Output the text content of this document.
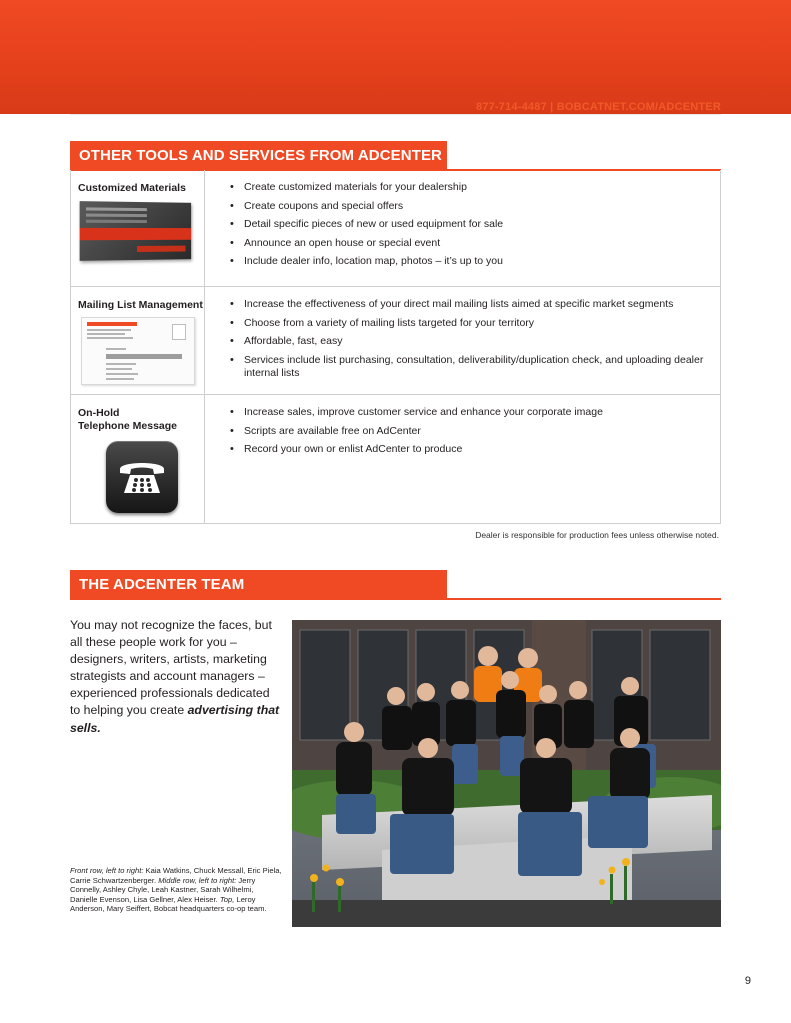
877-714-4487 | BOBCATNET.COM/ADCENTER
OTHER TOOLS AND SERVICES FROM ADCENTER
Customized Materials	• Create customized materials for your dealership
• Create coupons and special offers
• Detail specific pieces of new or used equipment for sale
• Announce an open house or special event
• Include dealer info, location map, photos – it’s up to you
Mailing List Management	• Increase the effectiveness of your direct mail mailing lists aimed at specific market segments
• Choose from a variety of mailing lists targeted for your territory
• Affordable, fast, easy
• Services include list purchasing, consultation, deliverability/duplication check, and uploading dealer internal lists
On-Hold
Telephone Message
• Increase sales, improve customer service and enhance your corporate image
• Scripts are available free on AdCenter
• Record your own or enlist AdCenter to produce
Dealer is responsible for production fees unless otherwise noted.
THE ADCENTER TEAM
You may not recognize the faces, but all these people work for you – designers, writers, artists, marketing strategists and account managers – experienced professionals dedicated to helping you create advertising that sells.
Front row, left to right: Kaia Watkins, Chuck Messall, Eric Piela, Carrie Schwartzenberger. Middle row, left to right: Jerry Connelly, Ashley Chyle, Leah Kastner, Sarah Wilhelmi, Danielle Evenson, Lisa Gellner, Alex Heiser. Top, Leroy Anderson, Mary Seiffert, Bobcat headquarters co-op team.
9
